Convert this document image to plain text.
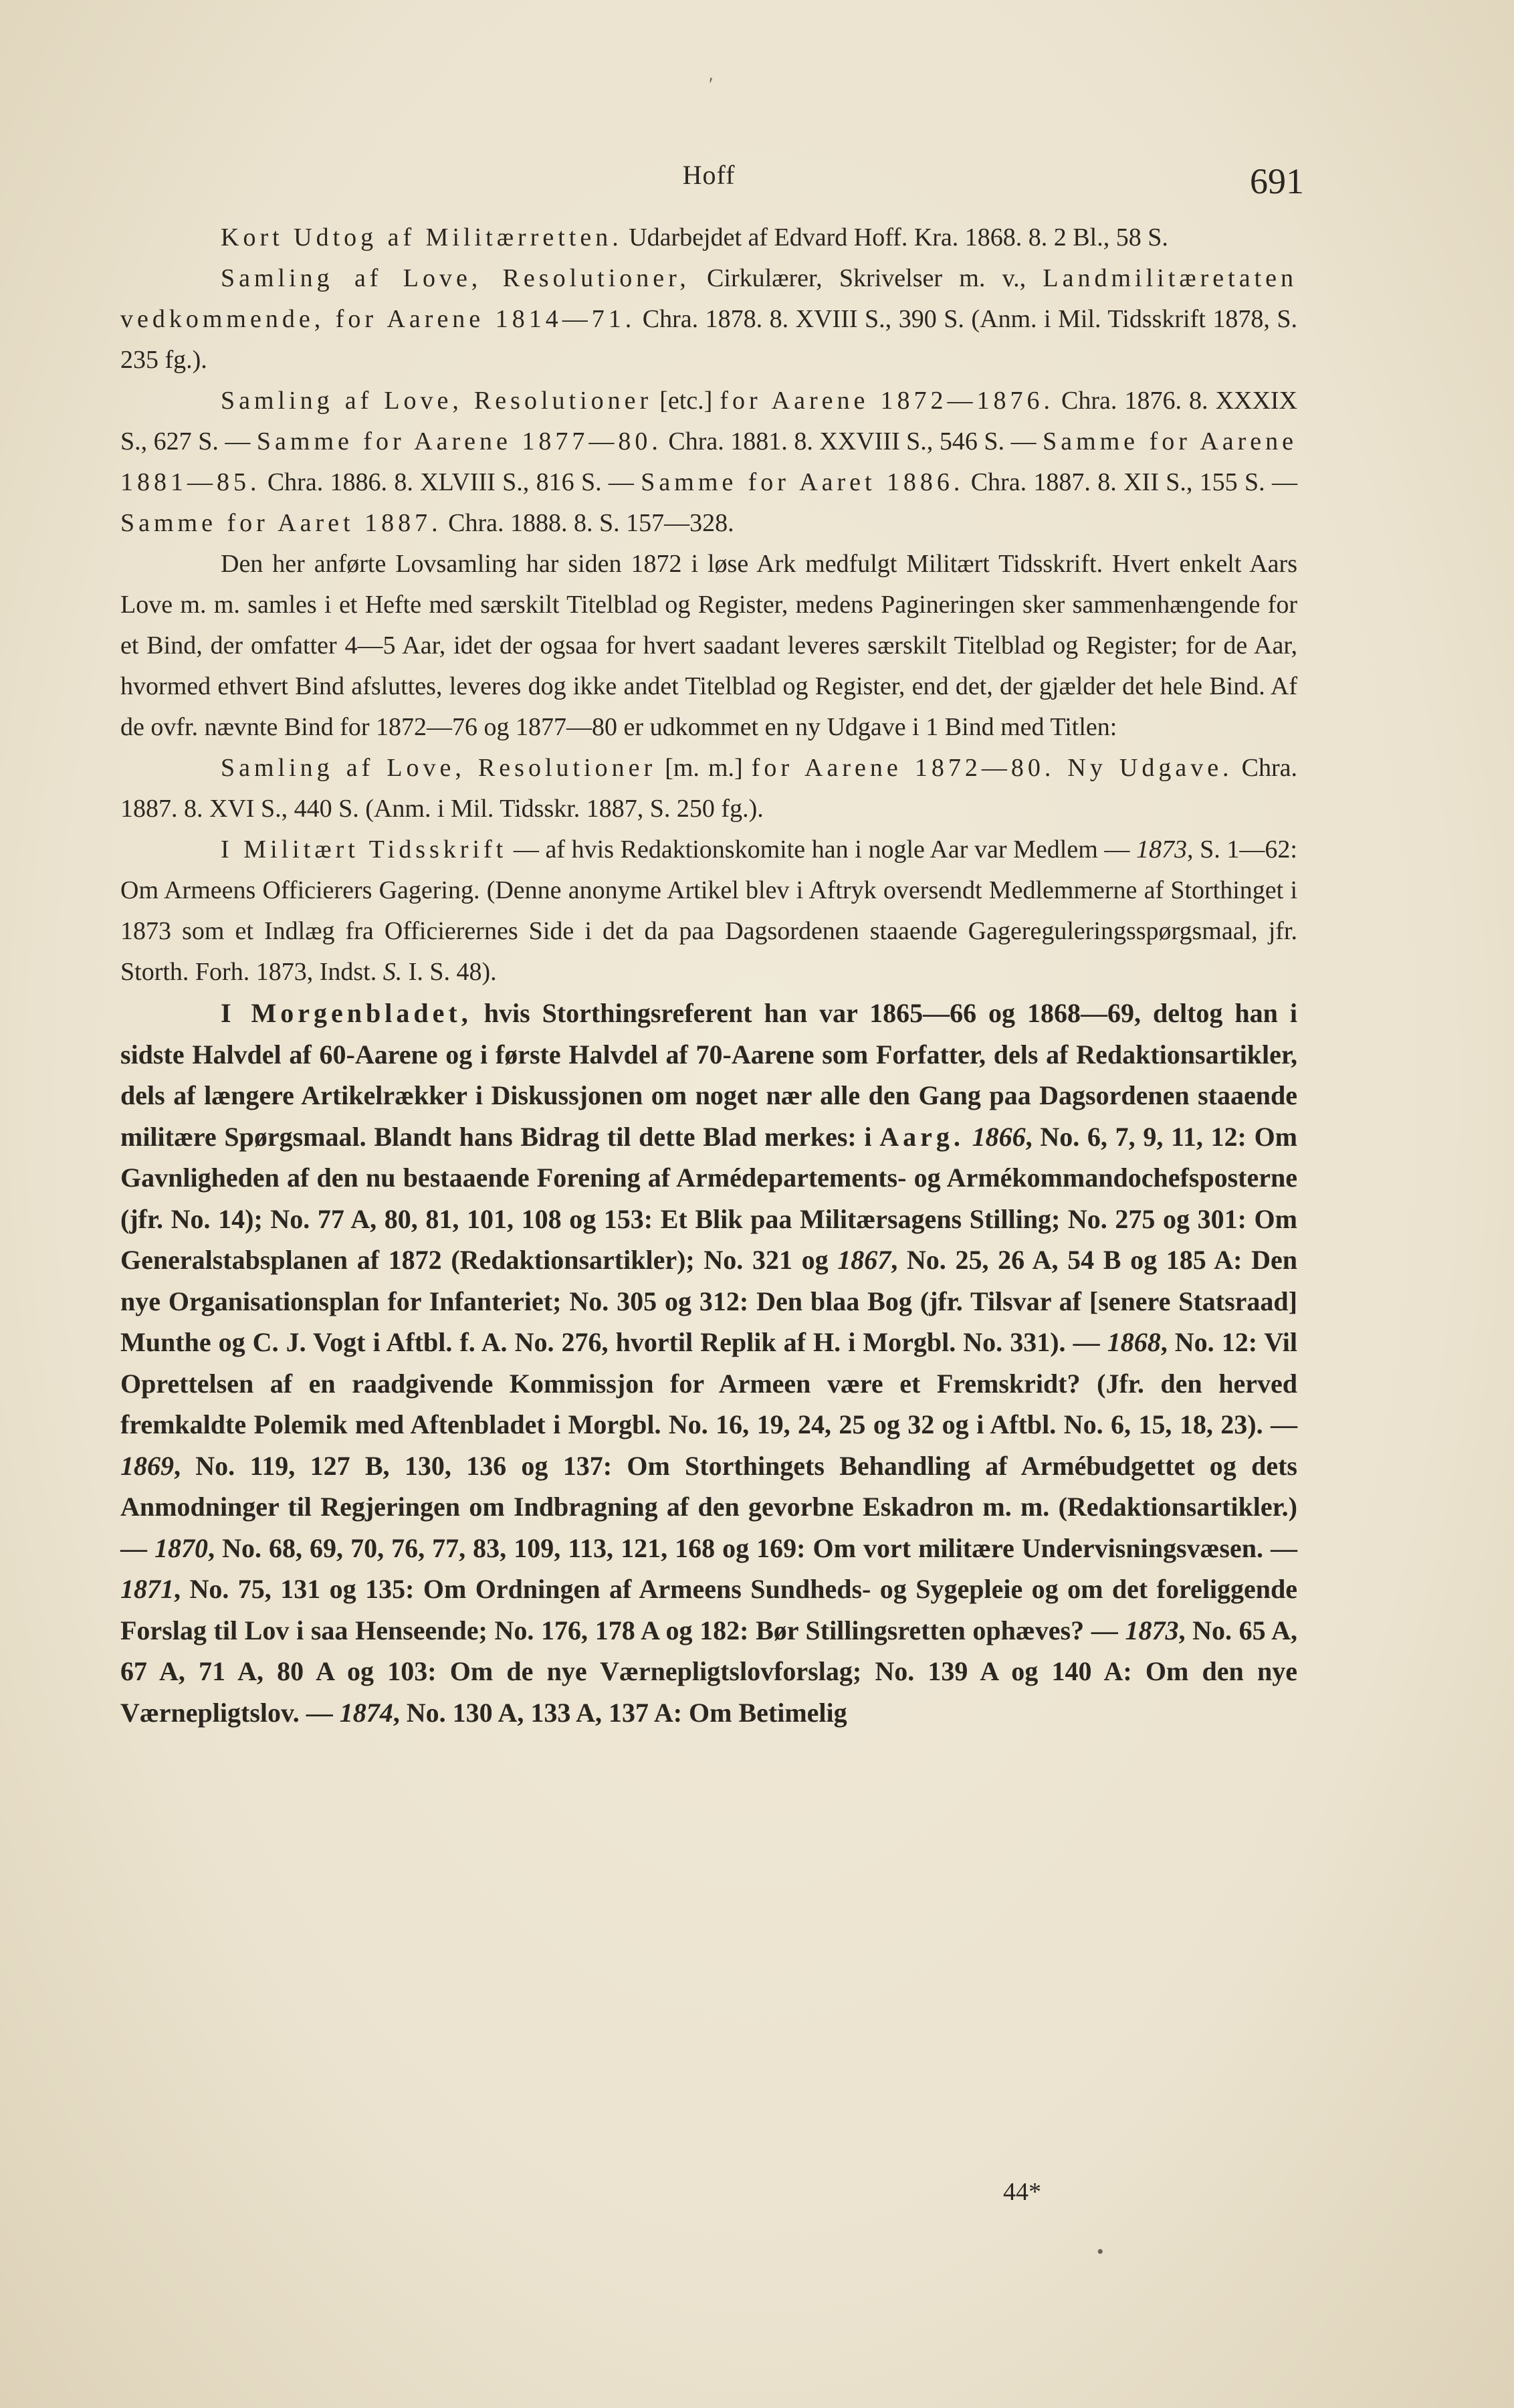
Hoff	691
′

Kort Udtog af Militærretten. Udarbejdet af Edvard Hoff. Kra. 1868. 8. 2 Bl., 58 S.

Samling af Love, Resolutioner, Cirkulærer, Skrivelser m. v., Landmilitæretaten vedkommende, for Aarene 1814—71. Chra. 1878. 8. XVIII S., 390 S. (Anm. i Mil. Tidsskrift 1878, S. 235 fg.).

Samling af Love, Resolutioner [etc.] for Aarene 1872—1876. Chra. 1876. 8. XXXIX S., 627 S. — Samme for Aarene 1877—80. Chra. 1881. 8. XXVIII S., 546 S. — Samme for Aarene 1881—85. Chra. 1886. 8. XLVIII S., 816 S. — Samme for Aaret 1886. Chra. 1887. 8. XII S., 155 S. — Samme for Aaret 1887. Chra. 1888. 8. S. 157—328.

Den her anførte Lovsamling har siden 1872 i løse Ark medfulgt Militært Tidsskrift. Hvert enkelt Aars Love m. m. samles i et Hefte med særskilt Titelblad og Register, medens Pagineringen sker sammenhængende for et Bind, der omfatter 4—5 Aar, idet der ogsaa for hvert saadant leveres særskilt Titelblad og Register; for de Aar, hvormed ethvert Bind afsluttes, leveres dog ikke andet Titelblad og Register, end det, der gjælder det hele Bind. Af de ovfr. nævnte Bind for 1872—76 og 1877—80 er udkommet en ny Udgave i 1 Bind med Titlen:

Samling af Love, Resolutioner [m. m.] for Aarene 1872—80. Ny Udgave. Chra. 1887. 8. XVI S., 440 S. (Anm. i Mil. Tidsskr. 1887, S. 250 fg.).

I Militært Tidsskrift — af hvis Redaktionskomite han i nogle Aar var Medlem — 1873, S. 1—62: Om Armeens Officierers Gagering. (Denne anonyme Artikel blev i Aftryk oversendt Medlemmerne af Storthinget i 1873 som et Indlæg fra Officierernes Side i det da paa Dagsordenen staaende Gagereguleringsspørgsmaal, jfr. Storth. Forh. 1873, Indst. S. I. S. 48).

I Morgenbladet, hvis Storthingsreferent han var 1865—66 og 1868—69, deltog han i sidste Halvdel af 60-Aarene og i første Halvdel af 70-Aarene som Forfatter, dels af Redaktionsartikler, dels af længere Artikelrækker i Diskussjonen om noget nær alle den Gang paa Dagsordenen staaende militære Spørgsmaal. Blandt hans Bidrag til dette Blad merkes: i Aarg. 1866, No. 6, 7, 9, 11, 12: Om Gavnligheden af den nu bestaaende Forening af Armédepartements- og Armékommandochefsposterne (jfr. No. 14); No. 77 A, 80, 81, 101, 108 og 153: Et Blik paa Militærsagens Stilling; No. 275 og 301: Om Generalstabsplanen af 1872 (Redaktionsartikler); No. 321 og 1867, No. 25, 26 A, 54 B og 185 A: Den nye Organisationsplan for Infanteriet; No. 305 og 312: Den blaa Bog (jfr. Tilsvar af [senere Statsraad] Munthe og C. J. Vogt i Aftbl. f. A. No. 276, hvortil Replik af H. i Morgbl. No. 331). — 1868, No. 12: Vil Oprettelsen af en raadgivende Kommissjon for Armeen være et Fremskridt? (Jfr. den herved fremkaldte Polemik med Aftenbladet i Morgbl. No. 16, 19, 24, 25 og 32 og i Aftbl. No. 6, 15, 18, 23). — 1869, No. 119, 127 B, 130, 136 og 137: Om Storthingets Behandling af Armébudgettet og dets Anmodninger til Regjeringen om Indbragning af den gevorbne Eskadron m. m. (Redaktionsartikler.) — 1870, No. 68, 69, 70, 76, 77, 83, 109, 113, 121, 168 og 169: Om vort militære Undervisningsvæsen. — 1871, No. 75, 131 og 135: Om Ordningen af Armeens Sundheds- og Sygepleie og om det foreliggende Forslag til Lov i saa Henseende; No. 176, 178 A og 182: Bør Stillingsretten ophæves? — 1873, No. 65 A, 67 A, 71 A, 80 A og 103: Om de nye Værnepligtslovforslag; No. 139 A og 140 A: Om den nye Værnepligtslov. — 1874, No. 130 A, 133 A, 137 A: Om Betimelig

44*
•
